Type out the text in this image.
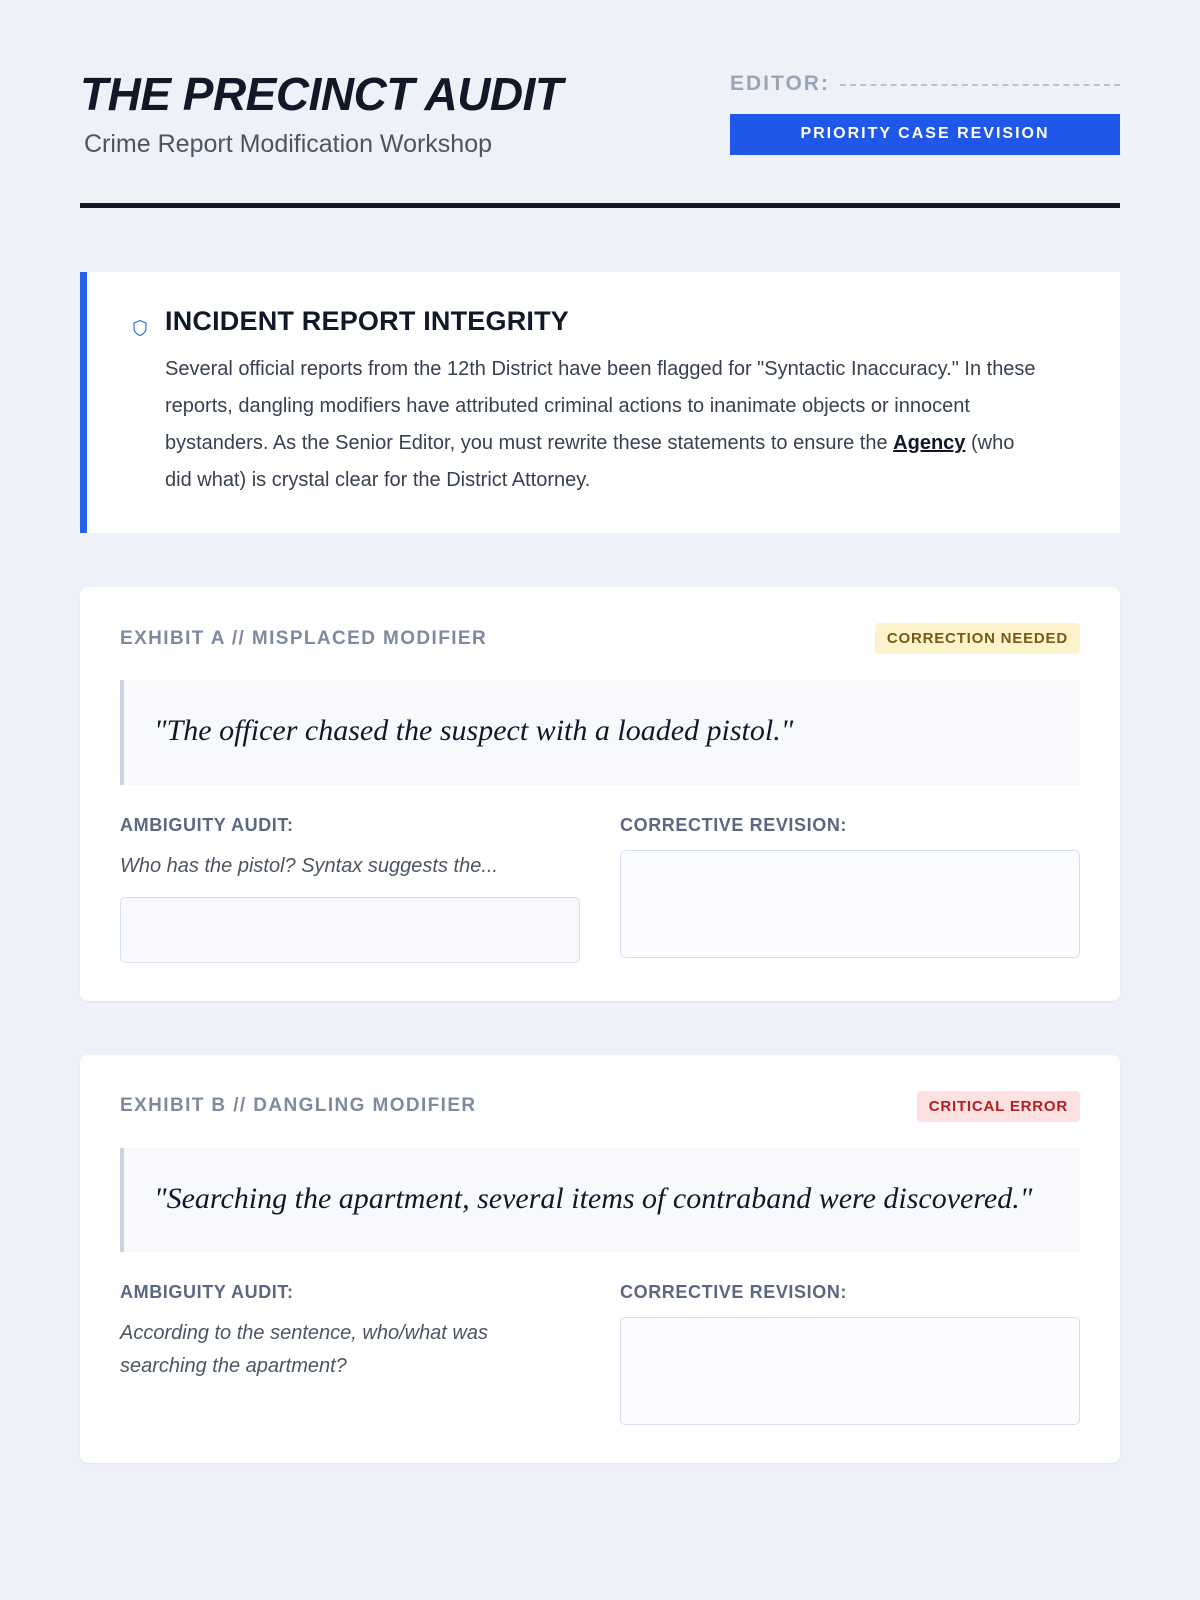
THE PRECINCT AUDIT
Crime Report Modification Workshop
EDITOR:
PRIORITY CASE REVISION
INCIDENT REPORT INTEGRITY

Several official reports from the 12th District have been flagged for "Syntactic Inaccuracy." In these reports, dangling modifiers have attributed criminal actions to inanimate objects or innocent bystanders. As the Senior Editor, you must rewrite these statements to ensure the Agency (who did what) is crystal clear for the District Attorney.

EXHIBIT A // MISPLACED MODIFIER	CORRECTION NEEDED

"The officer chased the suspect with a loaded pistol."

AMBIGUITY AUDIT:
Who has the pistol? Syntax suggests the...
CORRECTIVE REVISION:
EXHIBIT B // DANGLING MODIFIER	CRITICAL ERROR

"Searching the apartment, several items of contraband were discovered."

AMBIGUITY AUDIT:
According to the sentence, who/what was searching the apartment?
CORRECTIVE REVISION:
